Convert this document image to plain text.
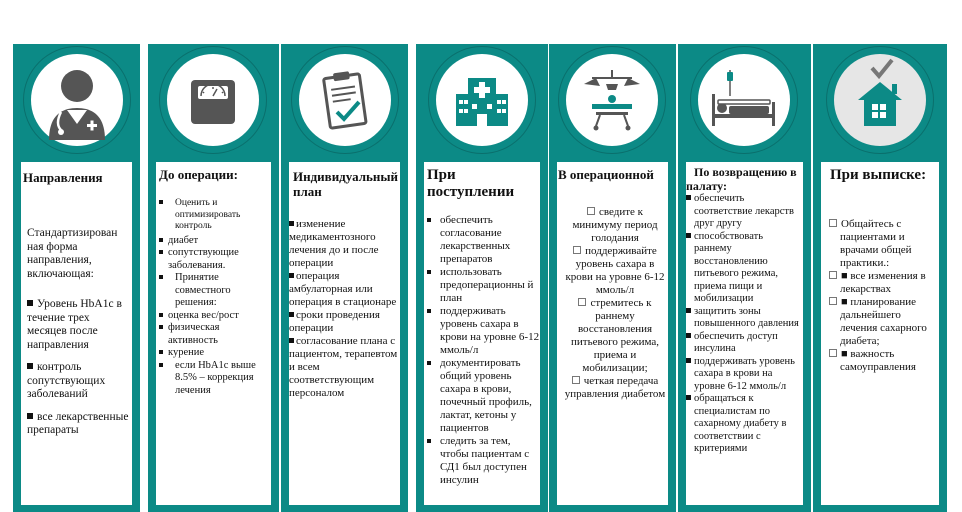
Направления

Стандартизирован ная форма направления, включающая:
Уровень HbA1c в течение трех месяцев после направления
контроль сопутствующих заболеваний
все лекарственные препараты

До операции:

Оценить и оптимизировать контроль
диабет
сопутствующие заболевания.
Принятие совместного решения:
оценка вес/рост
физическая активность
курение
если HbA1c выше 8.5% – коррекция лечения

Индивидуальный план

изменение медикаментозного лечения до и после операции
операция амбулаторная или операция в стационаре
сроки проведения операции
согласование плана с пациентом, терапевтом и всем соответствующим персоналом

При поступлении

обеспечить согласование лекарственных препаратов
использовать предоперационны й план
поддерживать уровень сахара в крови на уровне 6-12 ммоль/л
документировать общий уровень сахара в крови, почечный профиль, лактат, кетоны у пациентов
следить за тем, чтобы пациентам с СД1 был доступен инсулин

В операционной

сведите к минимуму период голодания
поддерживайте уровень сахара в крови на уровне 6-12 ммоль/л
стремитесь к раннему восстановления питьевого режима, приема и мобилизации;
четкая передача управления диабетом

По возвращению в палату:

обеспечить соответствие лекарств друг другу
способствовать раннему восстановлению питьевого режима, приема пищи и мобилизации
защитить зоны повышенного давления
обеспечить доступ инсулина
поддерживать уровень сахара в крови на уровне 6-12 ммоль/л
обращаться к специалистам по сахарному диабету в соответствии с критериями

При выписке:

Общайтесь с пациентами и врачами общей практики.:
■ все изменения в лекарствах
■ планирование дальнейшего лечения сахарного диабета;
■ важность самоуправления
